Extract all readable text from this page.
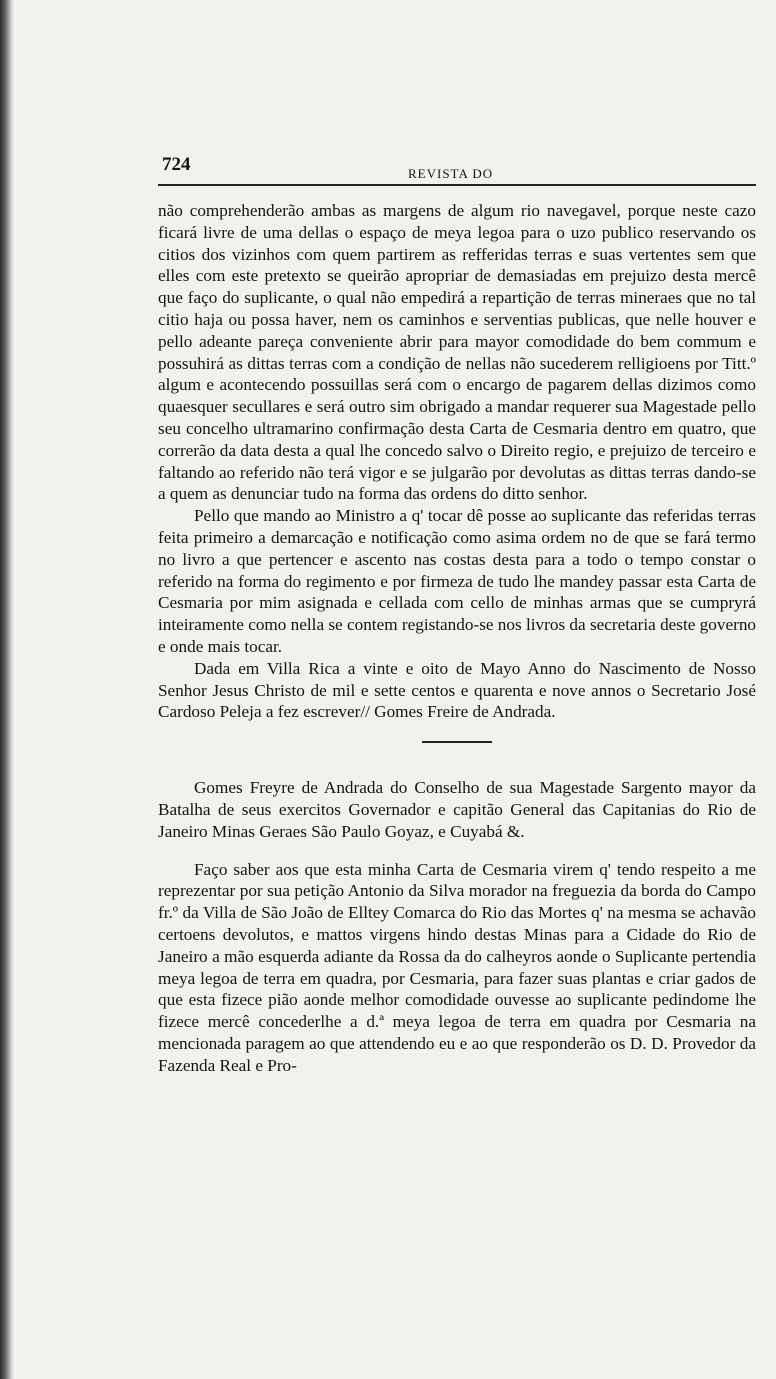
724	REVISTA DO

não comprehenderão ambas as margens de algum rio navegavel, porque neste cazo ficará livre de uma dellas o espaço de meya legoa para o uzo publico reservando os citios dos vizinhos com quem partirem as refferidas terras e suas vertentes sem que elles com este pretexto se queirão apropriar de demasiadas em prejuizo desta mercê que faço do suplicante, o qual não empedirá a repartição de terras mineraes que no tal citio haja ou possa haver, nem os caminhos e serventias publicas, que nelle houver e pello adeante pareça conveniente abrir para mayor comodidade do bem commum e possuhirá as dittas terras com a condição de nellas não sucederem relligioens por Titt.º algum e acontecendo possuillas será com o encargo de pagarem dellas dizimos como quaesquer secullares e será outro sim obrigado a mandar requerer sua Magestade pello seu concelho ultramarino confirmação desta Carta de Cesmaria dentro em quatro, que correrão da data desta a qual lhe concedo salvo o Direito regio, e prejuizo de terceiro e faltando ao referido não terá vigor e se julgarão por devolutas as dittas terras dando-se a quem as denunciar tudo na forma das ordens do ditto senhor.

Pello que mando ao Ministro a q' tocar dê posse ao suplicante das referidas terras feita primeiro a demarcação e notificação como asima ordem no de que se fará termo no livro a que pertencer e ascento nas costas desta para a todo o tempo constar o referido na forma do regimento e por firmeza de tudo lhe mandey passar esta Carta de Cesmaria por mim asignada e cellada com cello de minhas armas que se cumpryrá inteiramente como nella se contem registando-se nos livros da secretaria deste governo e onde mais tocar.

Dada em Villa Rica a vinte e oito de Mayo Anno do Nascimento de Nosso Senhor Jesus Christo de mil e sette centos e quarenta e nove annos o Secretario José Cardoso Peleja a fez escrever// Gomes Freire de Andrada.

Gomes Freyre de Andrada do Conselho de sua Magestade Sargento mayor da Batalha de seus exercitos Governador e capitão General das Capitanias do Rio de Janeiro Minas Geraes São Paulo Goyaz, e Cuyabá &.

Faço saber aos que esta minha Carta de Cesmaria virem q' tendo respeito a me reprezentar por sua petição Antonio da Silva morador na freguezia da borda do Campo fr.º da Villa de São João de Elltey Comarca do Rio das Mortes q' na mesma se achavão certoens devolutos, e mattos virgens hindo destas Minas para a Cidade do Rio de Janeiro a mão esquerda adiante da Rossa da do calheyros aonde o Suplicante pertendia meya legoa de terra em quadra, por Cesmaria, para fazer suas plantas e criar gados de que esta fizece pião aonde melhor comodidade ouvesse ao suplicante pedindome lhe fizece mercê concederlhe a d.ª meya legoa de terra em quadra por Cesmaria na mencionada paragem ao que attendendo eu e ao que responderão os D. D. Provedor da Fazenda Real e Pro-
